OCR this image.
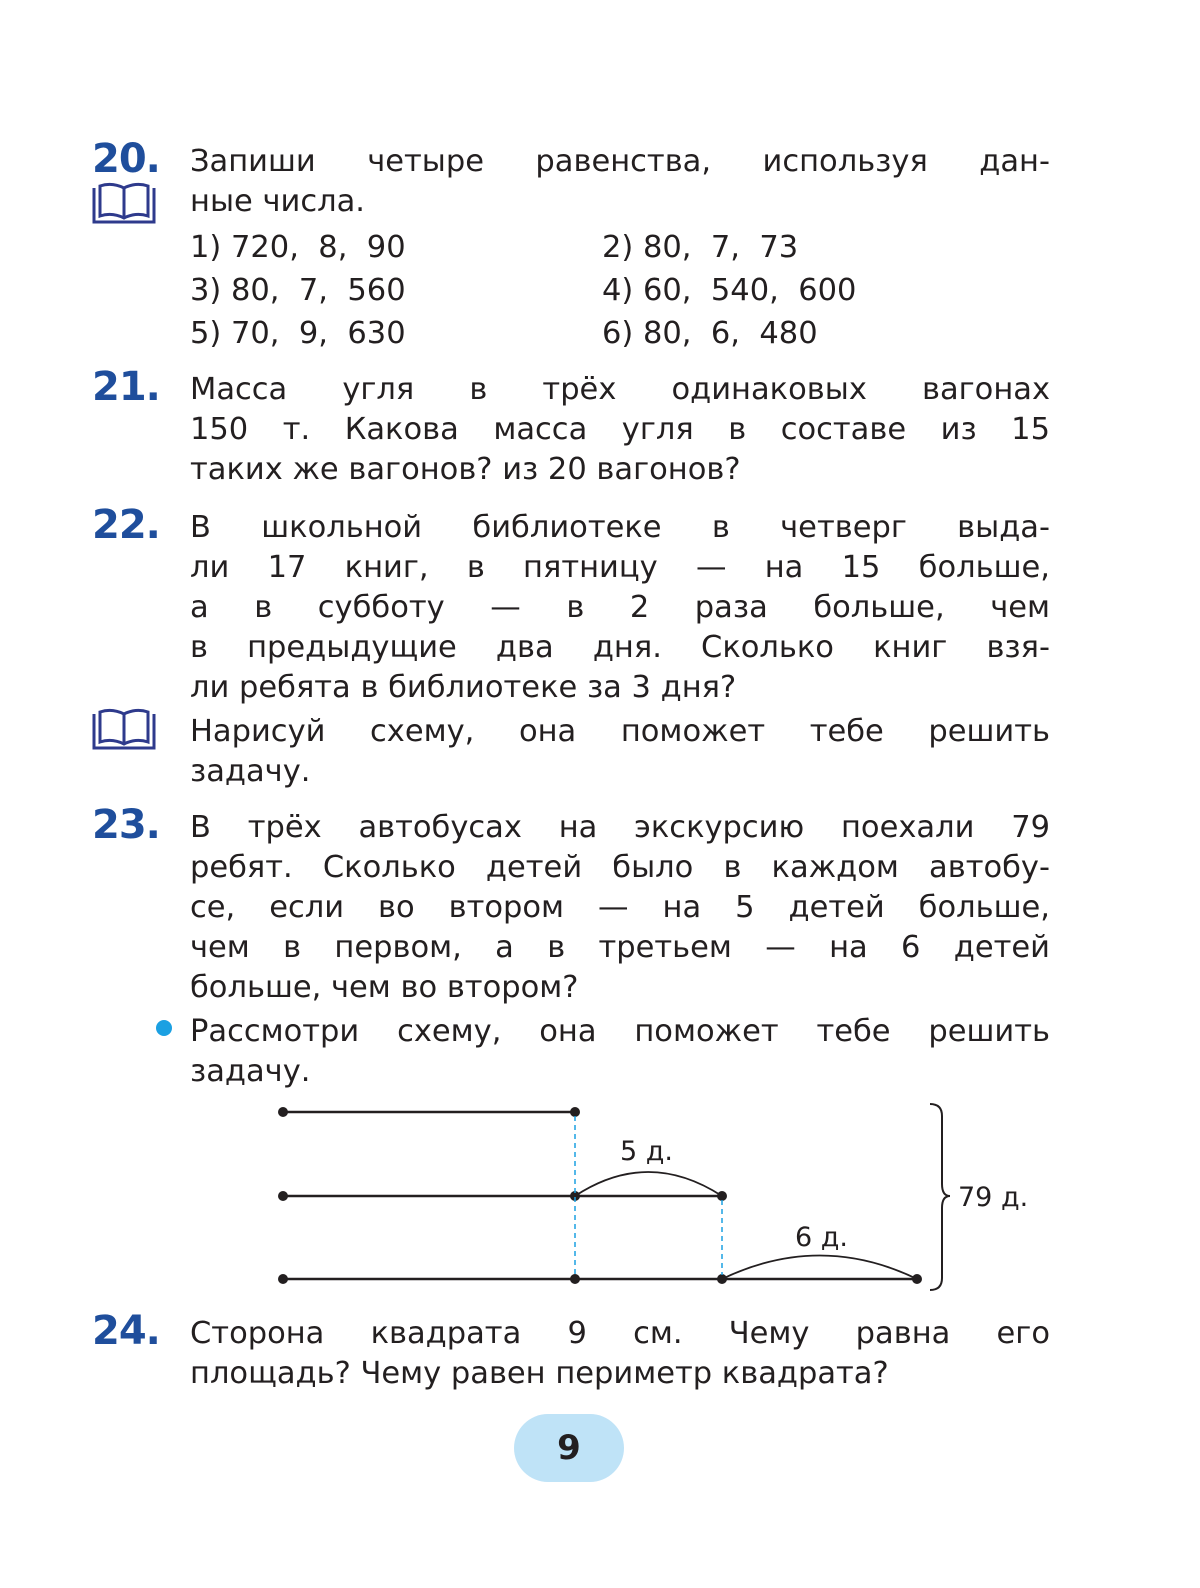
20. Запиши четыре равенства, используя дан-
ные числа.
1) 720,  8,  90	2) 80,  7,  73
3) 80,  7,  560	4) 60,  540,  600
5) 70,  9,  630	6) 80,  6,  480
21. Масса угля в трёх одинаковых вагонах
150 т. Какова масса угля в составе из 15
таких же вагонов? из 20 вагонов?
22. В школьной библиотеке в четверг выда-
ли 17 книг, в пятницу — на 15 больше,
а в субботу — в 2 раза больше, чем
в предыдущие два дня. Сколько книг взя-
ли ребята в библиотеке за 3 дня?
Нарисуй схему, она поможет тебе решить
задачу.
23. В трёх автобусах на экскурсию поехали 79
ребят. Сколько детей было в каждом автобу-
се, если во втором — на 5 детей больше,
чем в первом, а в третьем — на 6 детей
больше, чем во втором?
Рассмотри схему, она поможет тебе решить
задачу.
5 д.
6 д.
79 д.
24. Сторона квадрата 9 см. Чему равна его
площадь? Чему равен периметр квадрата?
9
